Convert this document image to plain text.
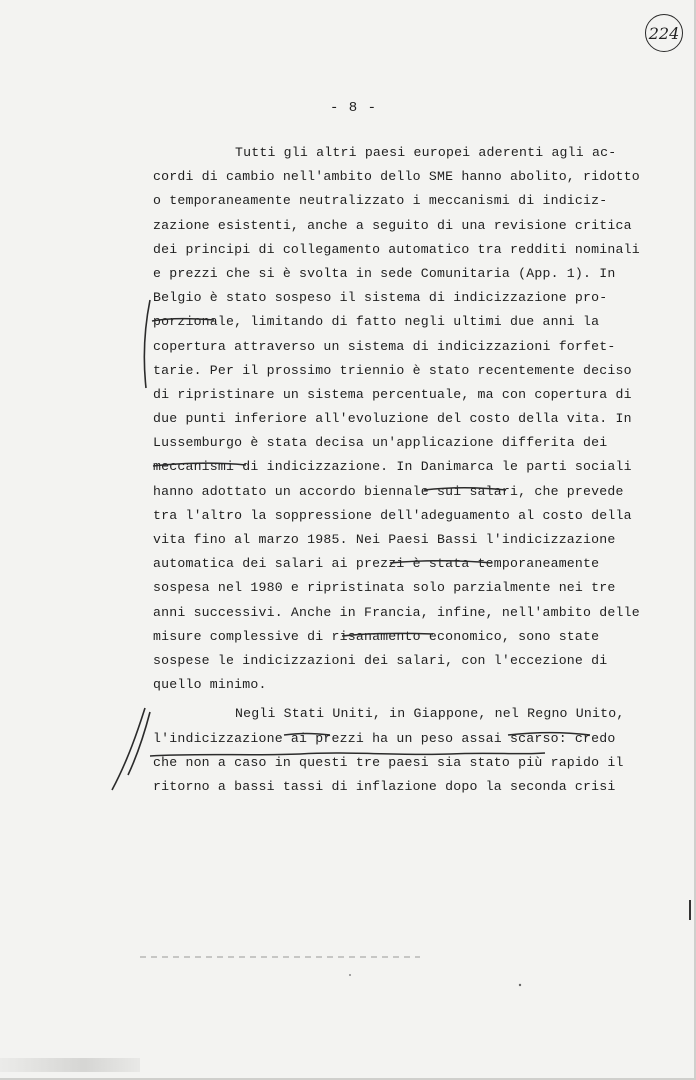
224
- 8 -
Tutti gli altri paesi europei aderenti agli ac-
cordi di cambio nell'ambito dello SME hanno abolito, ridotto
o temporaneamente neutralizzato i meccanismi di indiciz-
zazione esistenti, anche a seguito di una revisione critica
dei principi di collegamento automatico tra redditi nominali
e prezzi che si è svolta in sede Comunitaria (App. 1). In
Belgio è stato sospeso il sistema di indicizzazione pro-
porzionale, limitando di fatto negli ultimi due anni la
copertura attraverso un sistema di indicizzazioni forfet-
tarie. Per il prossimo triennio è stato recentemente deciso
di ripristinare un sistema percentuale, ma con copertura di
due punti inferiore all'evoluzione del costo della vita. In
Lussemburgo è stata decisa un'applicazione differita dei
meccanismi di indicizzazione. In Danimarca le parti sociali
hanno adottato un accordo biennale sui salari, che prevede
tra l'altro la soppressione dell'adeguamento al costo della
vita fino al marzo 1985. Nei Paesi Bassi l'indicizzazione
automatica dei salari ai prezzi è stata temporaneamente
sospesa nel 1980 e ripristinata solo parzialmente nei tre
anni successivi. Anche in Francia, infine, nell'ambito delle
misure complessive di risanamento economico, sono state
sospese le indicizzazioni dei salari, con l'eccezione di
quello minimo.
Negli Stati Uniti, in Giappone, nel Regno Unito,
l'indicizzazione ai prezzi ha un peso assai scarso: credo
che non a caso in questi tre paesi sia stato più rapido il
ritorno a bassi tassi di inflazione dopo la seconda crisi
